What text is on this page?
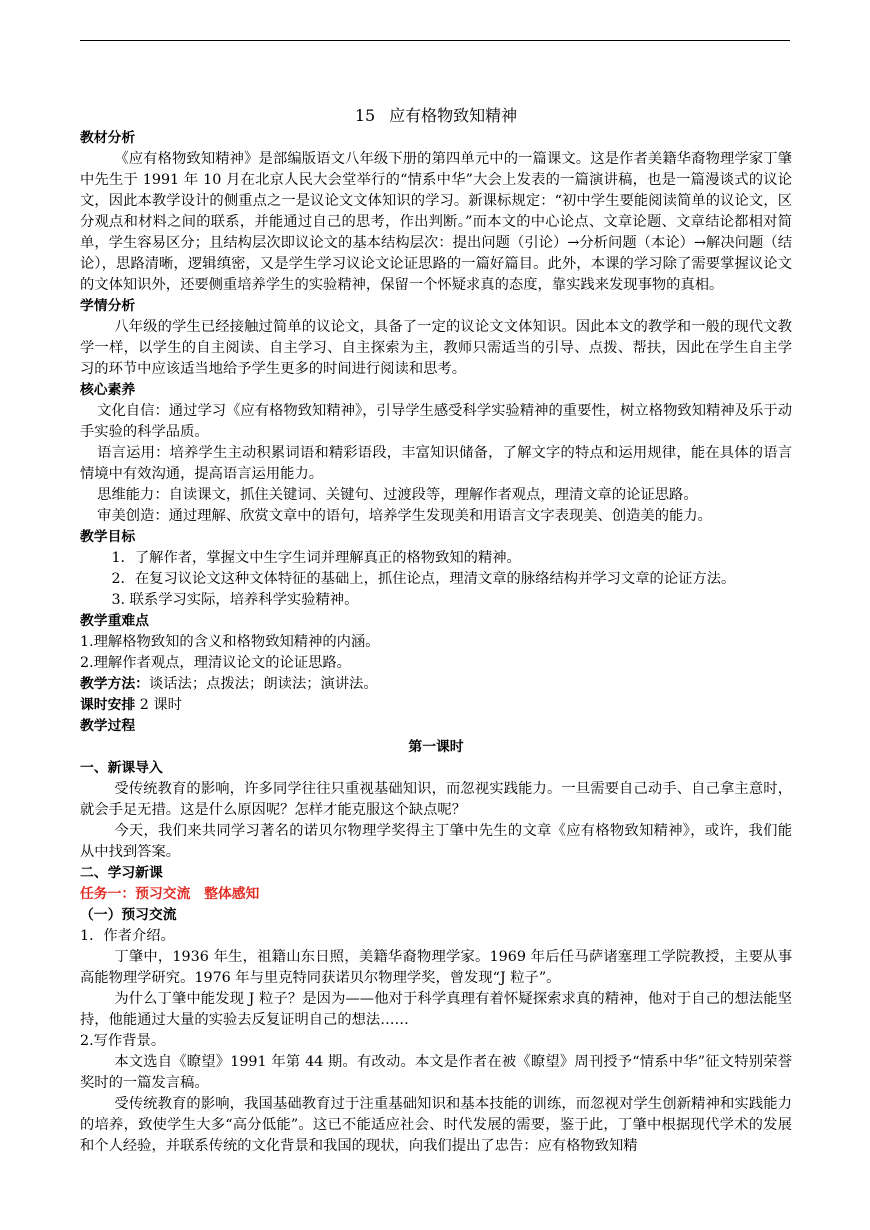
15 应有格物致知精神

教材分析

《应有格物致知精神》是部编版语文八年级下册的第四单元中的一篇课文。这是作者美籍华裔物理学家丁肇中先生于 1991 年 10 月在北京人民大会堂举行的“情系中华”大会上发表的一篇演讲稿，也是一篇漫谈式的议论文，因此本教学设计的侧重点之一是议论文文体知识的学习。新课标规定：“初中学生要能阅读简单的议论文，区分观点和材料之间的联系，并能通过自己的思考，作出判断。”而本文的中心论点、文章论题、文章结论都相对简单，学生容易区分；且结构层次即议论文的基本结构层次：提出问题（引论）→分析问题（本论）→解决问题（结论），思路清晰，逻辑缜密，又是学生学习议论文论证思路的一篇好篇目。此外，本课的学习除了需要掌握议论文的文体知识外，还要侧重培养学生的实验精神，保留一个怀疑求真的态度，靠实践来发现事物的真相。

学情分析

八年级的学生已经接触过简单的议论文，具备了一定的议论文文体知识。因此本文的教学和一般的现代文教学一样，以学生的自主阅读、自主学习、自主探索为主，教师只需适当的引导、点拨、帮扶，因此在学生自主学习的环节中应该适当地给予学生更多的时间进行阅读和思考。

核心素养

文化自信：通过学习《应有格物致知精神》，引导学生感受科学实验精神的重要性，树立格物致知精神及乐于动手实验的科学品质。

语言运用：培养学生主动积累词语和精彩语段，丰富知识储备，了解文字的特点和运用规律，能在具体的语言情境中有效沟通，提高语言运用能力。

思维能力：自读课文，抓住关键词、关键句、过渡段等，理解作者观点，理清文章的论证思路。

审美创造：通过理解、欣赏文章中的语句，培养学生发现美和用语言文字表现美、创造美的能力。

教学目标

1．了解作者，掌握文中生字生词并理解真正的格物致知的精神。

2．在复习议论文这种文体特征的基础上，抓住论点，理清文章的脉络结构并学习文章的论证方法。

3. 联系学习实际，培养科学实验精神。

教学重难点

1.理解格物致知的含义和格物致知精神的内涵。

2.理解作者观点，理清议论文的论证思路。

教学方法：谈话法；点拨法；朗读法；演讲法。

课时安排 2 课时

教学过程

第一课时

一、新课导入

受传统教育的影响，许多同学往往只重视基础知识，而忽视实践能力。一旦需要自己动手、自己拿主意时，就会手足无措。这是什么原因呢？怎样才能克服这个缺点呢？

今天，我们来共同学习著名的诺贝尔物理学奖得主丁肇中先生的文章《应有格物致知精神》，或许，我们能从中找到答案。

二、学习新课

任务一：预习交流　整体感知

（一）预习交流

1．作者介绍。

丁肇中，1936 年生，祖籍山东日照，美籍华裔物理学家。1969 年后任马萨诸塞理工学院教授，主要从事高能物理学研究。1976 年与里克特同获诺贝尔物理学奖，曾发现“J 粒子”。

为什么丁肇中能发现 J 粒子？是因为——他对于科学真理有着怀疑探索求真的精神，他对于自己的想法能坚持，他能通过大量的实验去反复证明自己的想法……

2.写作背景。

本文选自《瞭望》1991 年第 44 期。有改动。本文是作者在被《瞭望》周刊授予“情系中华”征文特别荣誉奖时的一篇发言稿。

受传统教育的影响，我国基础教育过于注重基础知识和基本技能的训练，而忽视对学生创新精神和实践能力的培养，致使学生大多“高分低能”。这已不能适应社会、时代发展的需要，鉴于此，丁肇中根据现代学术的发展和个人经验，并联系传统的文化背景和我国的现状，向我们提出了忠告：应有格物致知精
